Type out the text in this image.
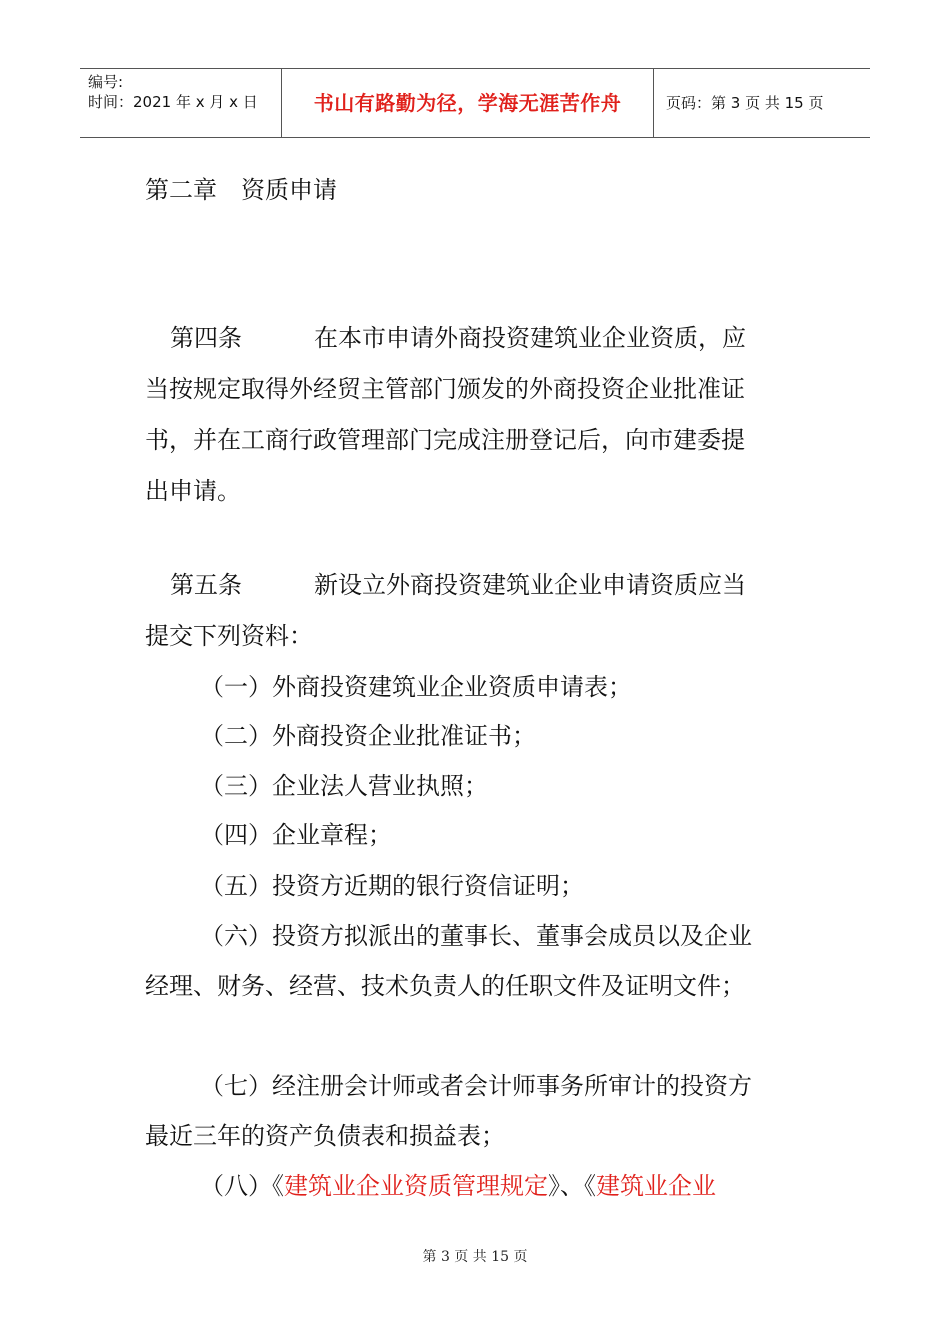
编号:
时间：2021 年 x 月 x 日	书山有路勤为径，学海无涯苦作舟	页码：第 3 页 共 15 页
第二章　资质申请
第四条　　　在本市申请外商投资建筑业企业资质，应
当按规定取得外经贸主管部门颁发的外商投资企业批准证
书，并在工商行政管理部门完成注册登记后，向市建委提
出申请。
第五条　　　新设立外商投资建筑业企业申请资质应当
提交下列资料：
（一）外商投资建筑业企业资质申请表；
（二）外商投资企业批准证书；
（三）企业法人营业执照；
（四）企业章程；
（五）投资方近期的银行资信证明；
（六）投资方拟派出的董事长、董事会成员以及企业
经理、财务、经营、技术负责人的任职文件及证明文件；
（七）经注册会计师或者会计师事务所审计的投资方
最近三年的资产负债表和损益表；
（八）《建筑业企业资质管理规定》、《建筑业企业
第 3 页 共 15 页
